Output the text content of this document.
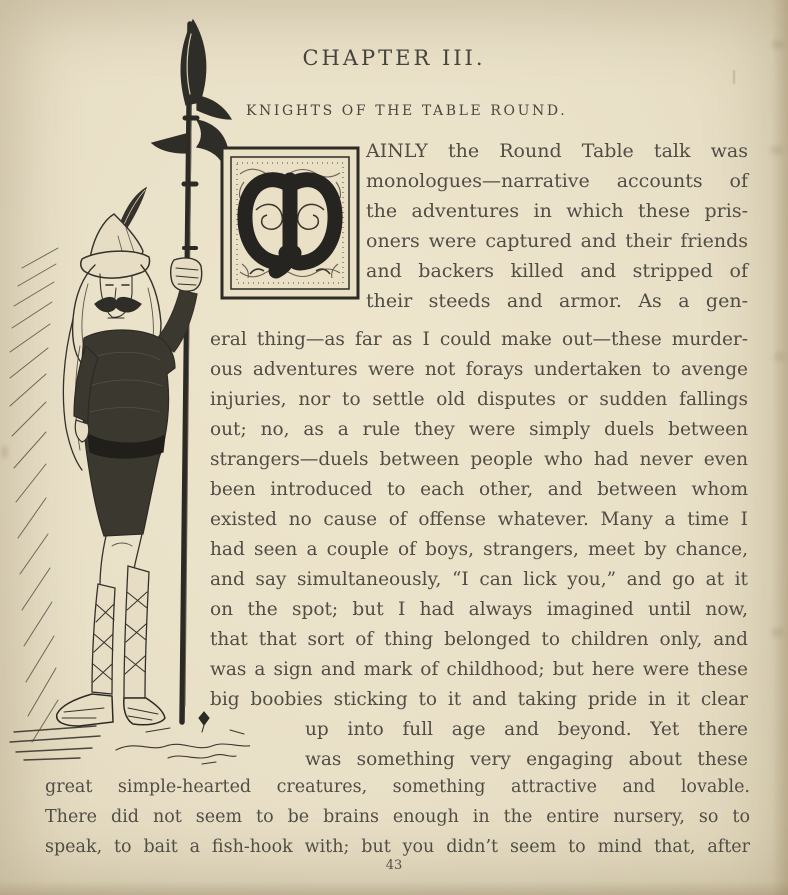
CHAPTER III.
KNIGHTS OF THE TABLE ROUND.
AINLY the Round Table talk was
monologues—narrative accounts of
the adventures in which these pris-
oners were captured and their friends
and backers killed and stripped of
their steeds and armor. As a gen-
eral thing—as far as I could make out—these murder-
ous adventures were not forays undertaken to avenge
injuries, nor to settle old disputes or sudden fallings
out; no, as a rule they were simply duels between
strangers—duels between people who had never even
been introduced to each other, and between whom
existed no cause of offense whatever. Many a time I
had seen a couple of boys, strangers, meet by chance,
and say simultaneously, “I can lick you,” and go at it
on the spot; but I had always imagined until now,
that that sort of thing belonged to children only, and
was a sign and mark of childhood; but here were these
big boobies sticking to it and taking pride in it clear
up into full age and beyond. Yet there
was something very engaging about these
great simple-hearted creatures, something attractive and lovable.
There did not seem to be brains enough in the entire nursery, so to
speak, to bait a fish-hook with; but you didn’t seem to mind that, after
43
